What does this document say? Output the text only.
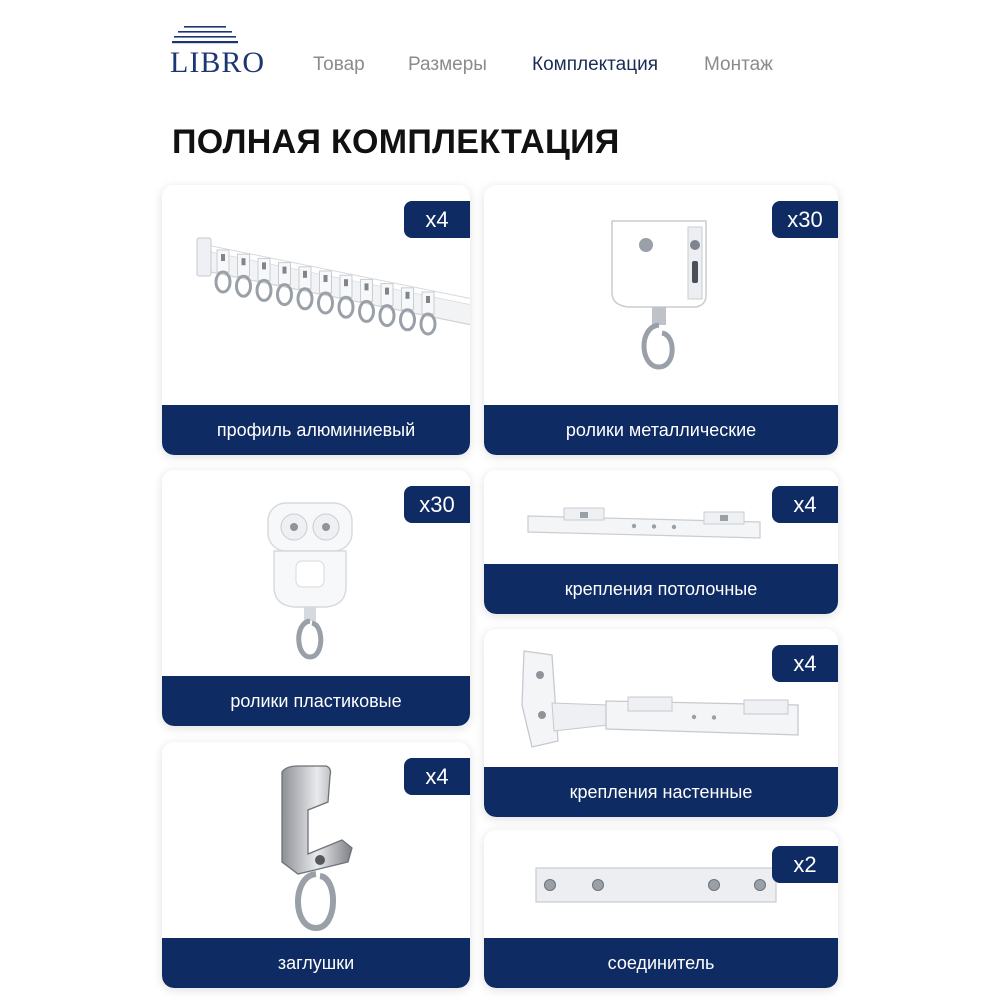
LIBRO	Товар Размеры Комплектация Монтаж
ПОЛНАЯ КОМПЛЕКТАЦИЯ
x4
профиль алюминиевый
x30
ролики металлические
x30
ролики пластиковые
x4
крепления потолочные
x4
крепления настенные
x4
заглушки
x2
соединитель
